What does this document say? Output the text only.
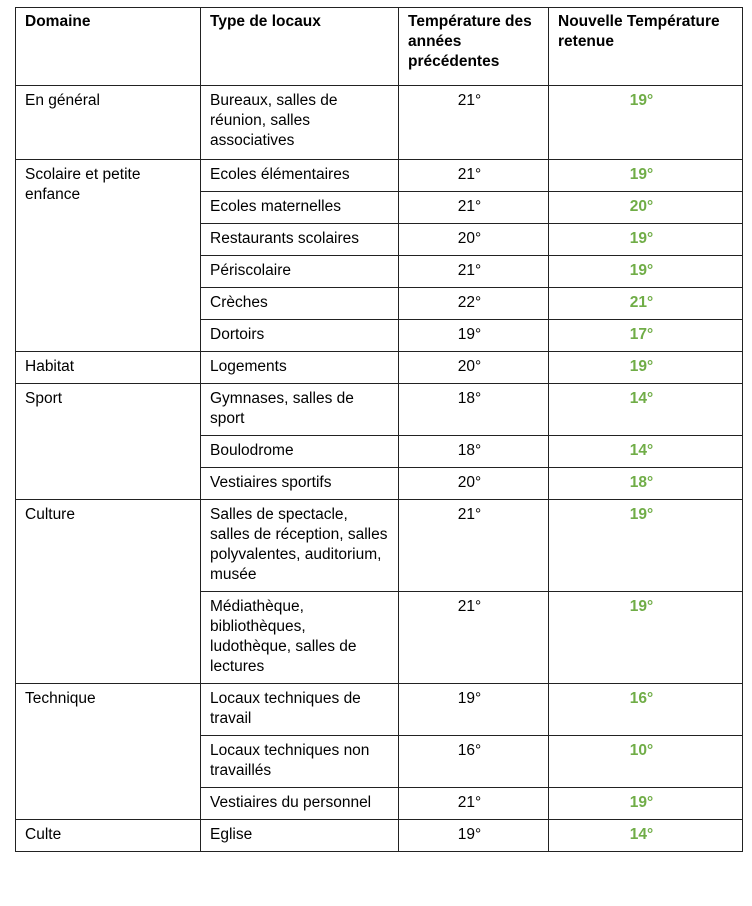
Domaine	Type de locaux	Température des années précédentes	Nouvelle Température retenue
En général	Bureaux, salles de réunion, salles associatives	21°	19°
Scolaire et petite enfance	Ecoles élémentaires	21°	19°
	Ecoles maternelles	21°	20°
	Restaurants scolaires	20°	19°
	Périscolaire	21°	19°
	Crèches	22°	21°
	Dortoirs	19°	17°
Habitat	Logements	20°	19°
Sport	Gymnases, salles de sport	18°	14°
	Boulodrome	18°	14°
	Vestiaires sportifs	20°	18°
Culture	Salles de spectacle, salles de réception, salles polyvalentes, auditorium, musée	21°	19°
	Médiathèque, bibliothèques, ludothèque, salles de lectures	21°	19°
Technique	Locaux techniques de travail	19°	16°
	Locaux techniques non travaillés	16°	10°
	Vestiaires du personnel	21°	19°
Culte	Eglise	19°	14°
